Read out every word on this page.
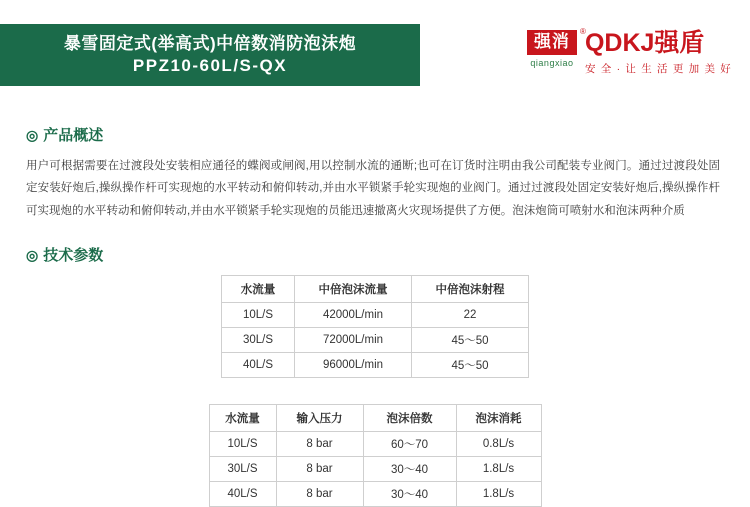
暴雪固定式(举高式)中倍数消防泡沫炮
PPZ10-60L/S-QX
强消
®
qiangxiao
QDKJ强盾
安 全 · 让 生 活 更 加 美 好
◎ 产品概述

用户可根据需要在过渡段处安装相应通径的蝶阀或闸阀,用以控制水流的通断;也可在订货时注明由我公司配装专业阀门。通过过渡段处固定安装好炮后,操纵操作杆可实现炮的水平转动和俯仰转动,并由水平锁紧手轮实现炮的业阀门。通过过渡段处固定安装好炮后,操纵操作杆可实现炮的水平转动和俯仰转动,并由水平锁紧手轮实现炮的员能迅速撤离火灾现场提供了方便。泡沫炮筒可喷射水和泡沫两种介质

◎ 技术参数
水流量	中倍泡沫流量	中倍泡沫射程
10L/S	42000L/min	22
30L/S	72000L/min	45～50
40L/S	96000L/min	45～50
水流量	输入压力	泡沫倍数	泡沫消耗
10L/S	8 bar	60～70	0.8L/s
30L/S	8 bar	30～40	1.8L/s
40L/S	8 bar	30～40	1.8L/s
